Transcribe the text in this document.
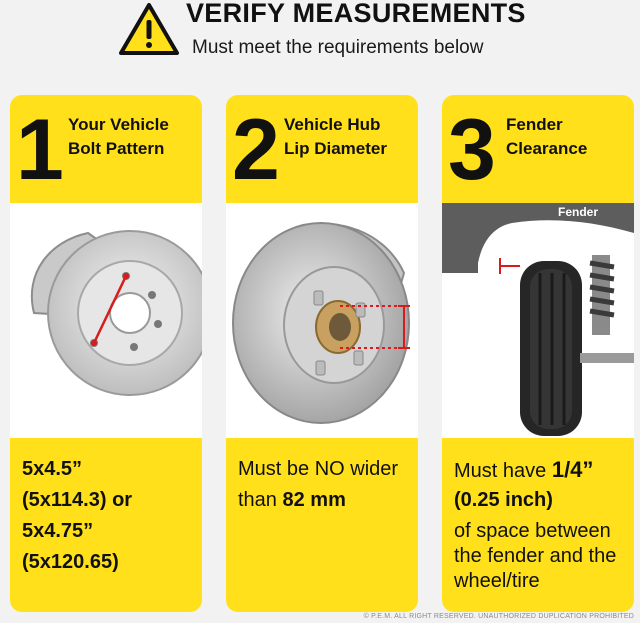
VERIFY MEASUREMENTS
Must meet the requirements below
1 Your Vehicle
Bolt Pattern
5x4.5”
(5x114.3) or
5x4.75”
(5x120.65)
2 Vehicle Hub
Lip Diameter
Must be NO wider
than 82 mm
3 Fender
Clearance
Fender
Must have 1/4”
(0.25 inch)
of space between
the fender and the
wheel/tire
© P.E.M. ALL RIGHT RESERVED. UNAUTHORIZED DUPLICATION PROHIBITED
